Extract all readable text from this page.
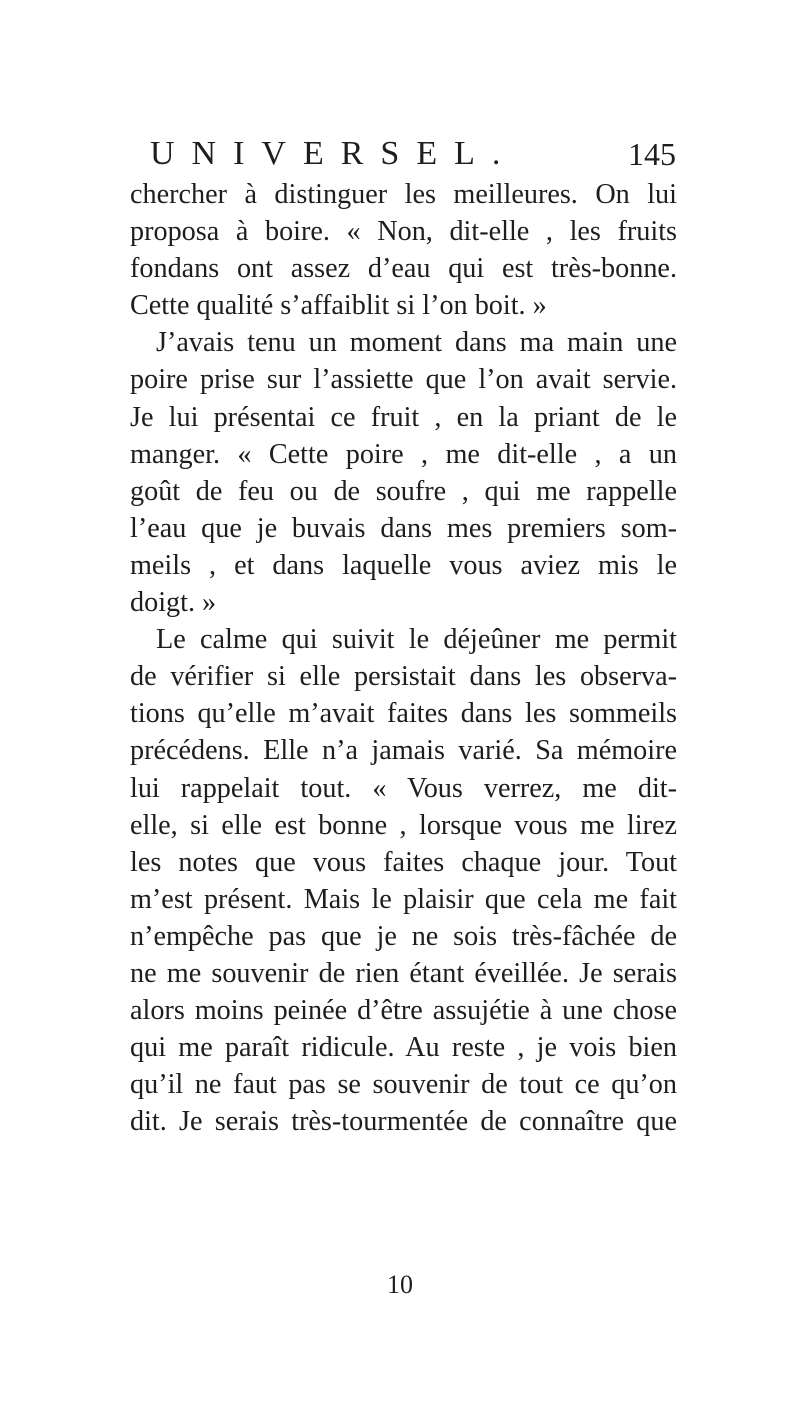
UNIVERSEL.	145
chercher à distinguer les meilleures. On lui
proposa à boire. « Non, dit-elle , les fruits
fondans ont assez d’eau qui est très-bonne.
Cette qualité s’affaiblit si l’on boit. »
J’avais tenu un moment dans ma main une
poire prise sur l’assiette que l’on avait servie.
Je lui présentai ce fruit , en la priant de le
manger. « Cette poire , me dit-elle , a un
goût de feu ou de soufre , qui me rappelle
l’eau que je buvais dans mes premiers som-
meils , et dans laquelle vous aviez mis le
doigt. »
Le calme qui suivit le déjeûner me permit
de vérifier si elle persistait dans les observa-
tions qu’elle m’avait faites dans les sommeils
précédens. Elle n’a jamais varié. Sa mémoire
lui rappelait tout. « Vous verrez, me dit-
elle, si elle est bonne , lorsque vous me lirez
les notes que vous faites chaque jour. Tout
m’est présent. Mais le plaisir que cela me fait
n’empêche pas que je ne sois très-fâchée de
ne me souvenir de rien étant éveillée. Je serais
alors moins peinée d’être assujétie à une chose
qui me paraît ridicule. Au reste , je vois bien
qu’il ne faut pas se souvenir de tout ce qu’on
dit. Je serais très-tourmentée de connaître que
10
